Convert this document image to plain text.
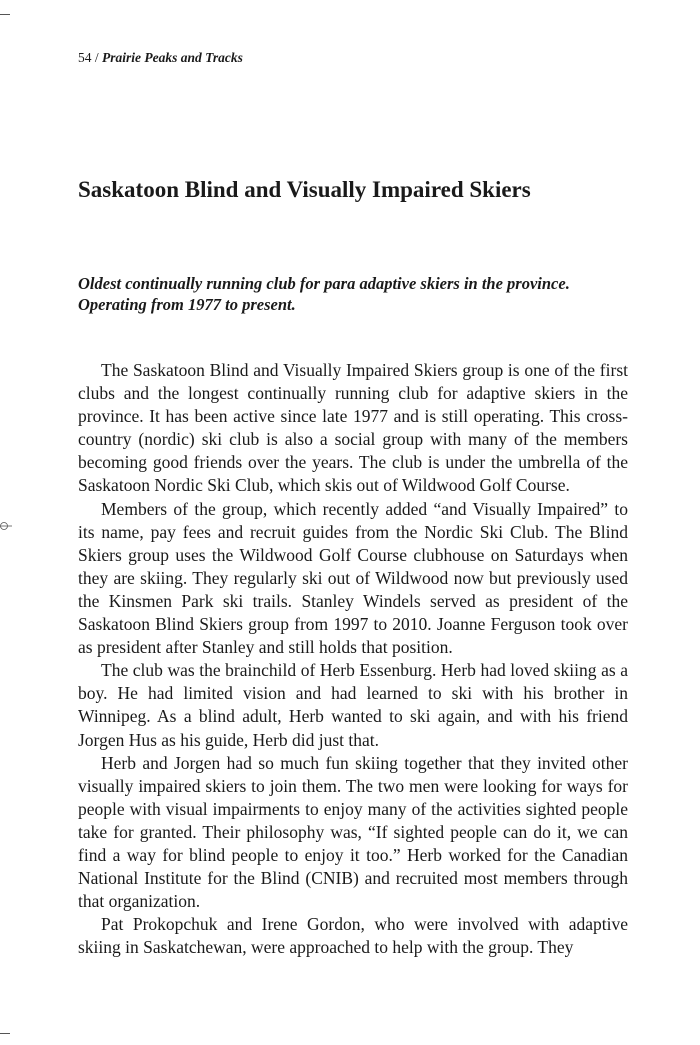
54 / Prairie Peaks and Tracks
Saskatoon Blind and Visually Impaired Skiers
Oldest continually running club for para adaptive skiers in the province.
Operating from 1977 to present.

The Saskatoon Blind and Visually Impaired Skiers group is one of the first clubs and the longest continually running club for adaptive skiers in the province. It has been active since late 1977 and is still operating. This cross-country (nordic) ski club is also a social group with many of the members becoming good friends over the years. The club is under the umbrella of the Saskatoon Nordic Ski Club, which skis out of Wildwood Golf Course.

Members of the group, which recently added “and Visually Impaired” to its name, pay fees and recruit guides from the Nordic Ski Club. The Blind Skiers group uses the Wildwood Golf Course clubhouse on Saturdays when they are skiing. They regularly ski out of Wildwood now but previously used the Kinsmen Park ski trails. Stanley Windels served as president of the Saskatoon Blind Skiers group from 1997 to 2010. Joanne Ferguson took over as president after Stanley and still holds that position.

The club was the brainchild of Herb Essenburg. Herb had loved skiing as a boy. He had limited vision and had learned to ski with his brother in Winnipeg. As a blind adult, Herb wanted to ski again, and with his friend Jorgen Hus as his guide, Herb did just that.

Herb and Jorgen had so much fun skiing together that they invited other visually impaired skiers to join them. The two men were looking for ways for people with visual impairments to enjoy many of the activities sighted people take for granted. Their philosophy was, “If sighted people can do it, we can find a way for blind people to enjoy it too.” Herb worked for the Canadian National Institute for the Blind (CNIB) and recruited most members through that organization.

Pat Prokopchuk and Irene Gordon, who were involved with adaptive skiing in Saskatchewan, were approached to help with the group. They
